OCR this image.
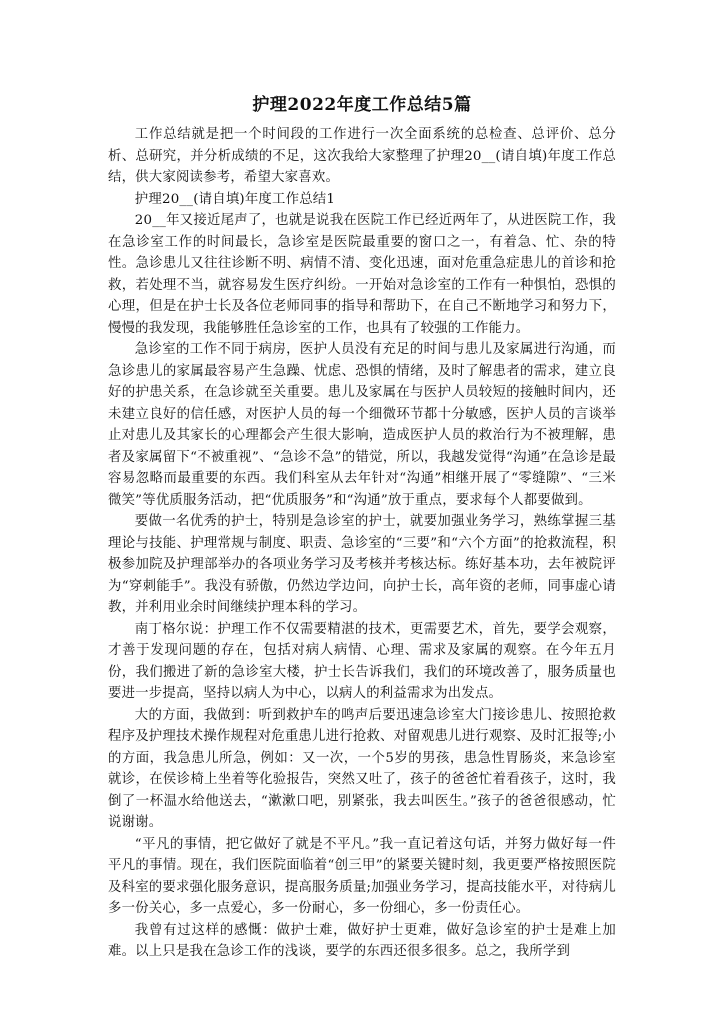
护理2022年度工作总结5篇

工作总结就是把一个时间段的工作进行一次全面系统的总检查、总评价、总分析、总研究，并分析成绩的不足，这次我给大家整理了护理20__(请自填)年度工作总结，供大家阅读参考，希望大家喜欢。

护理20__(请自填)年度工作总结1

20__年又接近尾声了，也就是说我在医院工作已经近两年了，从进医院工作，我在急诊室工作的时间最长，急诊室是医院最重要的窗口之一，有着急、忙、杂的特性。急诊患儿又往往诊断不明、病情不清、变化迅速，面对危重急症患儿的首诊和抢救，若处理不当，就容易发生医疗纠纷。一开始对急诊室的工作有一种惧怕，恐惧的心理，但是在护士长及各位老师同事的指导和帮助下，在自己不断地学习和努力下，慢慢的我发现，我能够胜任急诊室的工作，也具有了较强的工作能力。

急诊室的工作不同于病房，医护人员没有充足的时间与患儿及家属进行沟通，而急诊患儿的家属最容易产生急躁、忧虑、恐惧的情绪，及时了解患者的需求，建立良好的护患关系，在急诊就至关重要。患儿及家属在与医护人员较短的接触时间内，还未建立良好的信任感，对医护人员的每一个细微环节都十分敏感，医护人员的言谈举止对患儿及其家长的心理都会产生很大影响，造成医护人员的救治行为不被理解，患者及家属留下“不被重视”、“急诊不急”的错觉，所以，我越发觉得“沟通”在急诊是最容易忽略而最重要的东西。我们科室从去年针对“沟通”相继开展了“零缝隙”、“三米微笑”等优质服务活动，把“优质服务”和“沟通”放于重点，要求每个人都要做到。

要做一名优秀的护士，特别是急诊室的护士，就要加强业务学习，熟练掌握三基理论与技能、护理常规与制度、职责、急诊室的“三要”和“六个方面”的抢救流程，积极参加院及护理部举办的各项业务学习及考核并考核达标。练好基本功，去年被院评为“穿刺能手”。我没有骄傲，仍然边学边问，向护士长，高年资的老师，同事虚心请教，并利用业余时间继续护理本科的学习。

南丁格尔说：护理工作不仅需要精湛的技术，更需要艺术，首先，要学会观察，才善于发现问题的存在，包括对病人病情、心理、需求及家属的观察。在今年五月份，我们搬进了新的急诊室大楼，护士长告诉我们，我们的环境改善了，服务质量也要进一步提高，坚持以病人为中心，以病人的利益需求为出发点。

大的方面，我做到：听到救护车的鸣声后要迅速急诊室大门接诊患儿、按照抢救程序及护理技术操作规程对危重患儿进行抢救、对留观患儿进行观察、及时汇报等;小的方面，我急患儿所急，例如：又一次，一个5岁的男孩，患急性胃肠炎，来急诊室就诊，在侯诊椅上坐着等化验报告，突然又吐了，孩子的爸爸忙着看孩子，这时，我倒了一杯温水给他送去，“漱漱口吧，别紧张，我去叫医生。”孩子的爸爸很感动，忙说谢谢。

“平凡的事情，把它做好了就是不平凡。”我一直记着这句话，并努力做好每一件平凡的事情。现在，我们医院面临着“创三甲”的紧要关键时刻，我更要严格按照医院及科室的要求强化服务意识，提高服务质量;加强业务学习，提高技能水平，对待病儿多一份关心，多一点爱心，多一份耐心，多一份细心，多一份责任心。

我曾有过这样的感慨：做护士难，做好护士更难，做好急诊室的护士是难上加难。以上只是我在急诊工作的浅谈，要学的东西还很多很多。总之，我所学到
